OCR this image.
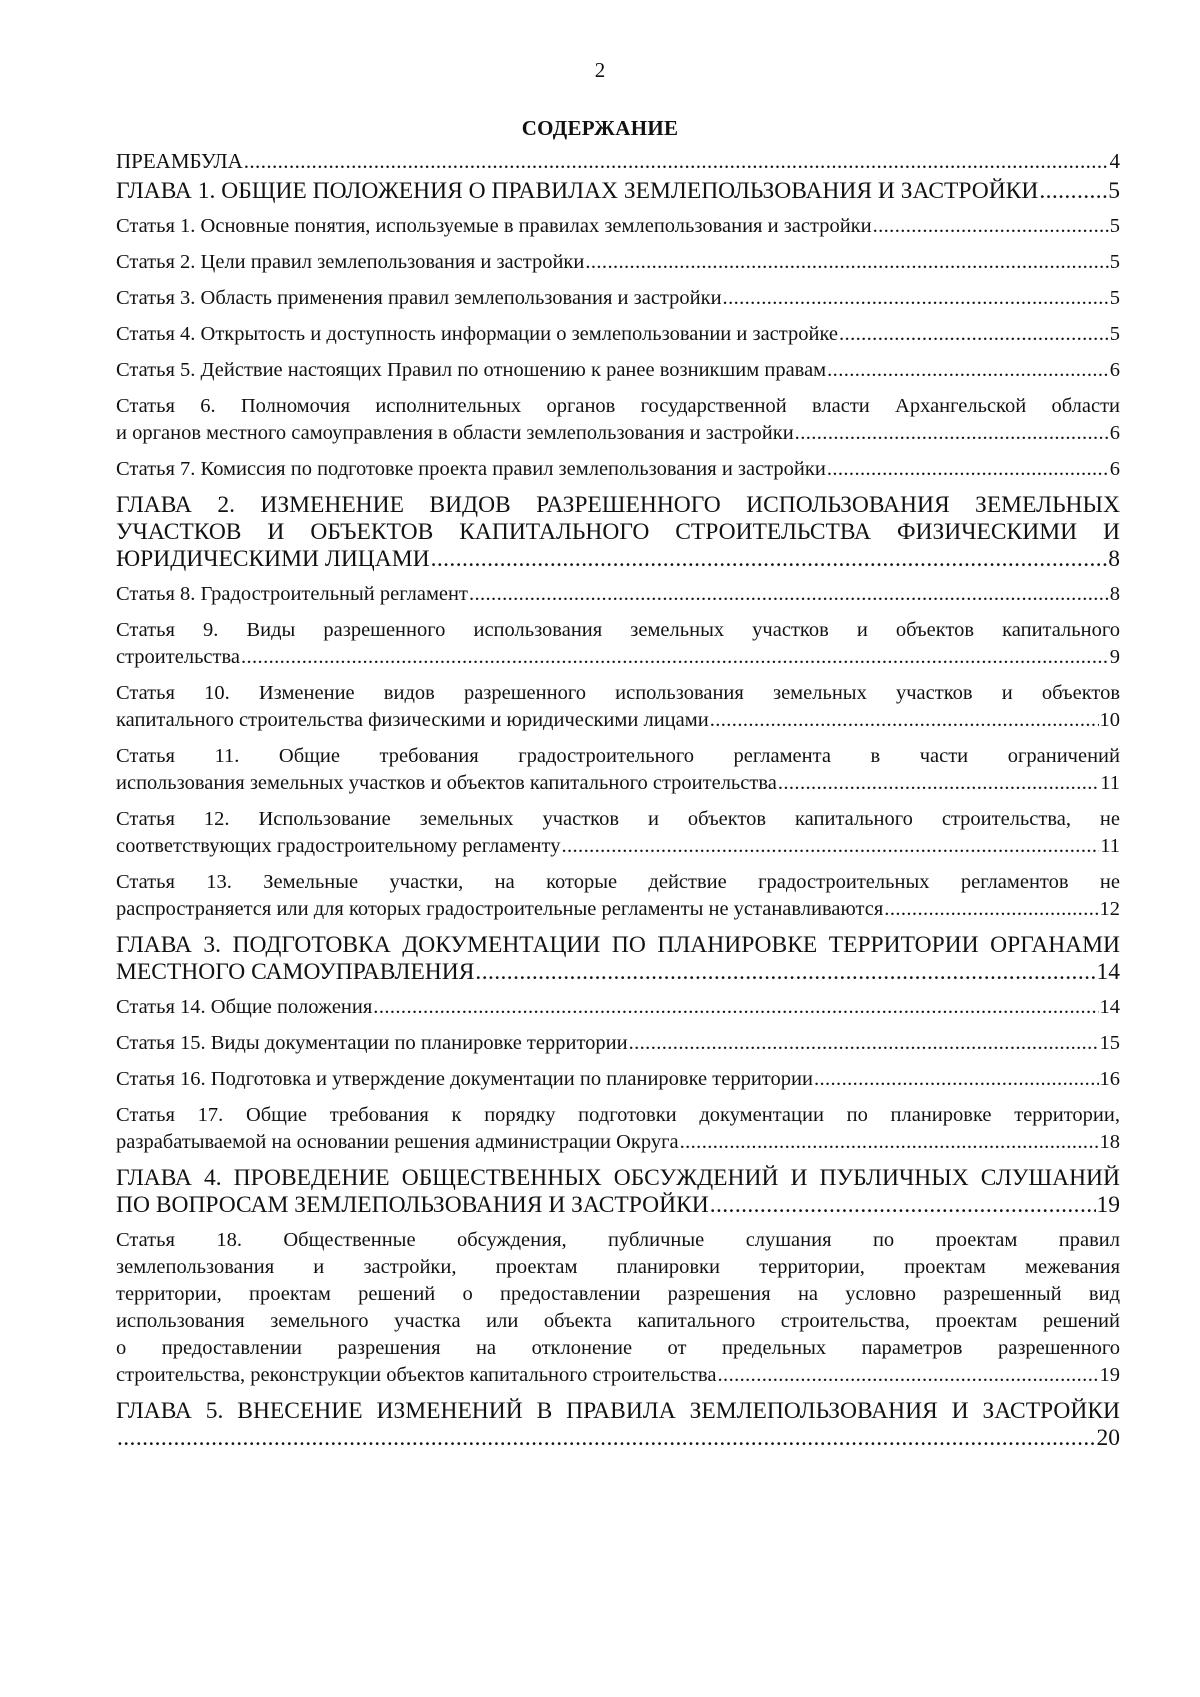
2
СОДЕРЖАНИЕ
ПРЕАМБУЛА .....	4
ГЛАВА 1. ОБЩИЕ ПОЛОЖЕНИЯ О ПРАВИЛАХ ЗЕМЛЕПОЛЬЗОВАНИЯ И ЗАСТРОЙКИ .....	5
Статья 1. Основные понятия, используемые в правилах землепользования и застройки .....	5
Статья 2. Цели правил землепользования и застройки .....	5
Статья 3. Область применения правил землепользования и застройки .....	5
Статья 4. Открытость и доступность информации о землепользовании и застройке .....	5
Статья 5. Действие настоящих Правил по отношению к ранее возникшим правам .....	6
Статья 6. Полномочия исполнительных органов государственной власти Архангельской области
и органов местного самоуправления в области землепользования и застройки .....	6
Статья 7. Комиссия по подготовке проекта правил землепользования и застройки .....	6
ГЛАВА 2. ИЗМЕНЕНИЕ ВИДОВ РАЗРЕШЕННОГО ИСПОЛЬЗОВАНИЯ ЗЕМЕЛЬНЫХ
УЧАСТКОВ И ОБЪЕКТОВ КАПИТАЛЬНОГО СТРОИТЕЛЬСТВА ФИЗИЧЕСКИМИ И
ЮРИДИЧЕСКИМИ ЛИЦАМИ .....	8
Статья 8. Градостроительный регламент .....	8
Статья 9. Виды разрешенного использования земельных участков и объектов капитального
строительства .....	9
Статья 10. Изменение видов разрешенного использования земельных участков и объектов
капитального строительства физическими и юридическими лицами .....	10
Статья 11. Общие требования градостроительного регламента в части ограничений
использования земельных участков и объектов капитального строительства .....	11
Статья 12. Использование земельных участков и объектов капитального строительства, не
соответствующих градостроительному регламенту .....	11
Статья 13. Земельные участки, на которые действие градостроительных регламентов не
распространяется или для которых градостроительные регламенты не устанавливаются .....	12
ГЛАВА 3. ПОДГОТОВКА ДОКУМЕНТАЦИИ ПО ПЛАНИРОВКЕ ТЕРРИТОРИИ ОРГАНАМИ
МЕСТНОГО САМОУПРАВЛЕНИЯ .....	14
Статья 14. Общие положения .....	14
Статья 15. Виды документации по планировке территории .....	15
Статья 16. Подготовка и утверждение документации по планировке территории .....	16
Статья 17. Общие требования к порядку подготовки документации по планировке территории,
разрабатываемой на основании решения администрации Округа .....	18
ГЛАВА 4. ПРОВЕДЕНИЕ ОБЩЕСТВЕННЫХ ОБСУЖДЕНИЙ И ПУБЛИЧНЫХ СЛУШАНИЙ
ПО ВОПРОСАМ ЗЕМЛЕПОЛЬЗОВАНИЯ И ЗАСТРОЙКИ .....	19
Статья 18. Общественные обсуждения, публичные слушания по проектам правил
землепользования и застройки, проектам планировки территории, проектам межевания
территории, проектам решений о предоставлении разрешения на условно разрешенный вид
использования земельного участка или объекта капитального строительства, проектам решений
о предоставлении разрешения на отклонение от предельных параметров разрешенного
строительства, реконструкции объектов капитального строительства .....	19
ГЛАВА 5. ВНЕСЕНИЕ ИЗМЕНЕНИЙ В ПРАВИЛА ЗЕМЛЕПОЛЬЗОВАНИЯ И ЗАСТРОЙКИ
.....
20
